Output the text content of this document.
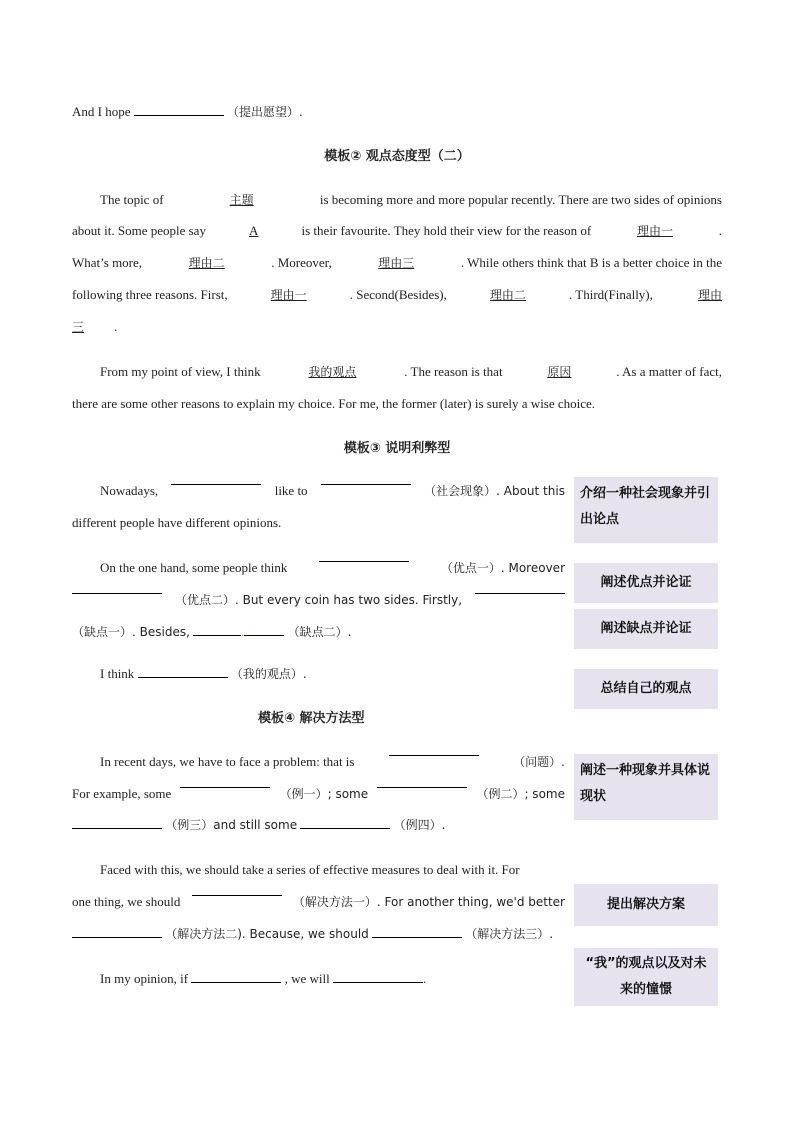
And I hope	（提出愿望）.
模板② 观点态度型（二）
The topic of	主题	is becoming more and more popular recently. There are two sides of opinions
about it. Some people say	A	is their favourite. They hold their view for the reason of	理由一	.
What’s more,	理由二	. Moreover,	理由三	. While others think that B is a better choice in the
following three reasons. First,	理由一	. Second(Besides),	理由二	. Third(Finally),	理由
三 .
From my point of view, I think	我的观点	. The reason is that	原因	. As a matter of fact,
there are some other reasons to explain my choice. For me, the former (later) is surely a wise choice.
模板③ 说明利弊型
Nowadays,	like to	（社会现象）. About this
different people have different opinions.
On the one hand, some people think	（优点一）. Moreover
（优点二）. But every coin has two sides. Firstly,
（缺点一）. Besides,	.	（缺点二）.
I think	（我的观点）.
模板④ 解决方法型
In recent days, we have to face a problem: that is	（问题）.
For example, some	（例一）; some	（例二）; some
（例三）and still some	（例四）.
Faced with this, we should take a series of effective measures to deal with it. For
one thing, we should	（解决方法一）. For another thing, we'd better
（解决方法二). Because, we should	（解决方法三）.
In my opinion, if	, we will	.
介绍一种社会现象并引出论点
阐述优点并论证
阐述缺点并论证
总结自己的观点
阐述一种现象并具体说现状
提出解决方案
“我”的观点以及对未来的憧憬
